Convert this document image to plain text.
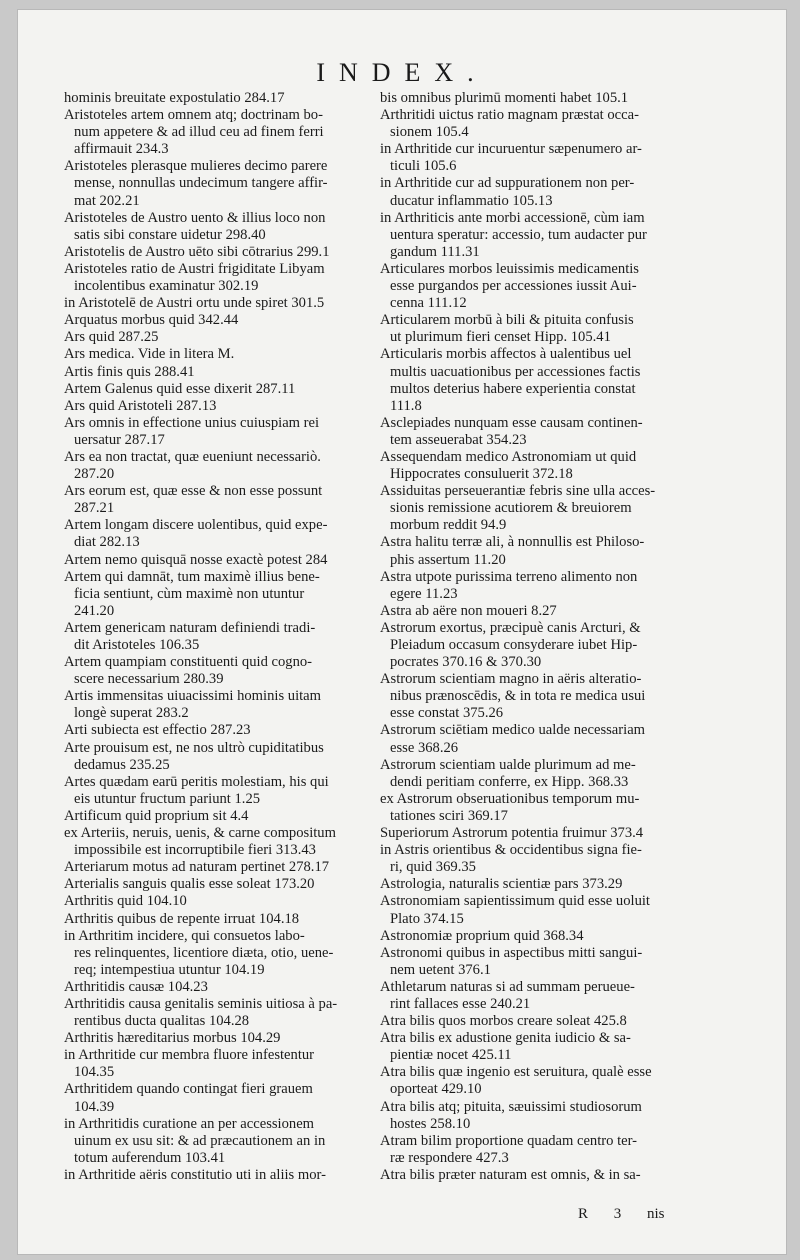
INDEX.
hominis breuitate expostulatio 284.17
Aristoteles artem omnem atq; doctrinam bo-
num appetere & ad illud ceu ad finem ferri
affirmauit 234.3
Aristoteles plerasque mulieres decimo parere
mense, nonnullas undecimum tangere affir-
mat 202.21
Aristoteles de Austro uento & illius loco non
satis sibi constare uidetur 298.40
Aristotelis de Austro uēto sibi cōtrarius 299.1
Aristoteles ratio de Austri frigiditate Libyam
incolentibus examinatur 302.19
in Aristotelē de Austri ortu unde spiret 301.5
Arquatus morbus quid 342.44
Ars quid 287.25
Ars medica. Vide in litera M.
Artis finis quis 288.41
Artem Galenus quid esse dixerit 287.11
Ars quid Aristoteli 287.13
Ars omnis in effectione unius cuiuspiam rei
uersatur 287.17
Ars ea non tractat, quæ eueniunt necessariò.
287.20
Ars eorum est, quæ esse & non esse possunt
287.21
Artem longam discere uolentibus, quid expe-
diat 282.13
Artem nemo quisquā nosse exactè potest 284
Artem qui damnāt, tum maximè illius bene-
ficia sentiunt, cùm maximè non utuntur
241.20
Artem genericam naturam definiendi tradi-
dit Aristoteles 106.35
Artem quampiam constituenti quid cogno-
scere necessarium 280.39
Artis immensitas uiuacissimi hominis uitam
longè superat 283.2
Arti subiecta est effectio 287.23
Arte prouisum est, ne nos ultrò cupiditatibus
dedamus 235.25
Artes quædam earū peritis molestiam, his qui
eis utuntur fructum pariunt 1.25
Artificum quid proprium sit 4.4
ex Arteriis, neruis, uenis, & carne compositum
impossibile est incorruptibile fieri 313.43
Arteriarum motus ad naturam pertinet 278.17
Arterialis sanguis qualis esse soleat 173.20
Arthritis quid 104.10
Arthritis quibus de repente irruat 104.18
in Arthritim incidere, qui consuetos labo-
res relinquentes, licentiore diæta, otio, uene-
req; intempestiua utuntur 104.19
Arthritidis causæ 104.23
Arthritidis causa genitalis seminis uitiosa à pa-
rentibus ducta qualitas 104.28
Arthritis hæreditarius morbus 104.29
in Arthritide cur membra fluore infestentur
104.35
Arthritidem quando contingat fieri grauem
104.39
in Arthritidis curatione an per accessionem
uinum ex usu sit: & ad præcautionem an in
totum auferendum 103.41
in Arthritide aëris constitutio uti in aliis mor-
bis omnibus plurimū momenti habet 105.1
Arthritidi uictus ratio magnam præstat occa-
sionem 105.4
in Arthritide cur incuruentur sæpenumero ar-
ticuli 105.6
in Arthritide cur ad suppurationem non per-
ducatur inflammatio 105.13
in Arthriticis ante morbi accessionē, cùm iam
uentura speratur: accessio, tum audacter pur
gandum 111.31
Articulares morbos leuissimis medicamentis
esse purgandos per accessiones iussit Aui-
cenna 111.12
Articularem morbū à bili & pituita confusis
ut plurimum fieri censet Hipp. 105.41
Articularis morbis affectos à ualentibus uel
multis uacuationibus per accessiones factis
multos deterius habere experientia constat
111.8
Asclepiades nunquam esse causam continen-
tem asseuerabat 354.23
Assequendam medico Astronomiam ut quid
Hippocrates consuluerit 372.18
Assiduitas perseuerantiæ febris sine ulla acces-
sionis remissione acutiorem & breuiorem
morbum reddit 94.9
Astra halitu terræ ali, à nonnullis est Philoso-
phis assertum 11.20
Astra utpote purissima terreno alimento non
egere 11.23
Astra ab aëre non moueri 8.27
Astrorum exortus, præcipuè canis Arcturi, &
Pleiadum occasum consyderare iubet Hip-
pocrates 370.16 & 370.30
Astrorum scientiam magno in aëris alteratio-
nibus prænoscēdis, & in tota re medica usui
esse constat 375.26
Astrorum sciētiam medico ualde necessariam
esse 368.26
Astrorum scientiam ualde plurimum ad me-
dendi peritiam conferre, ex Hipp. 368.33
ex Astrorum obseruationibus temporum mu-
tationes sciri 369.17
Superiorum Astrorum potentia fruimur 373.4
in Astris orientibus & occidentibus signa fie-
ri, quid 369.35
Astrologia, naturalis scientiæ pars 373.29
Astronomiam sapientissimum quid esse uoluit
Plato 374.15
Astronomiæ proprium quid 368.34
Astronomi quibus in aspectibus mitti sangui-
nem uetent 376.1
Athletarum naturas si ad summam perueue-
rint fallaces esse 240.21
Atra bilis quos morbos creare soleat 425.8
Atra bilis ex adustione genita iudicio & sa-
pientiæ nocet 425.11
Atra bilis quæ ingenio est seruitura, qualè esse
oporteat 429.10
Atra bilis atq; pituita, sæuissimi studiosorum
hostes 258.10
Atram bilim proportione quadam centro ter-
ræ respondere 427.3
Atra bilis præter naturam est omnis, & in sa-
R 3 nis
